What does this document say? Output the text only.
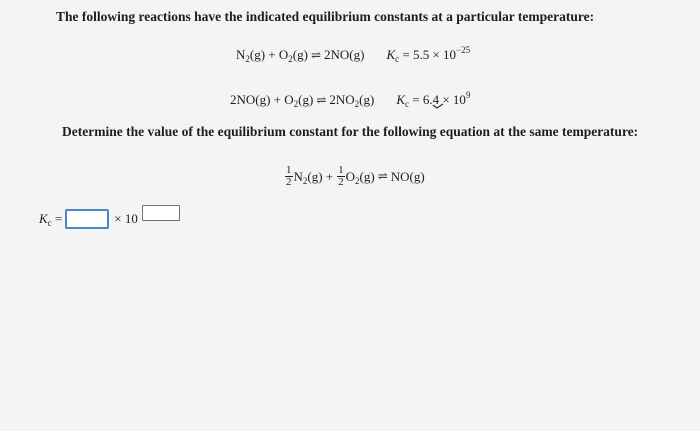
The following reactions have the indicated equilibrium constants at a particular temperature:
$N_2(g) + O_2(g)$ ⇌ 2NO(g) $K_c = 5.5 \times 10^{-25}$
$2NO(g) + O_2(g)$ ⇌ $2NO_2(g) K_c = 6.4 \times 10^9$
Determine the value of the equilibrium constant for the following equation at the same temperature:
$\frac{1}{2} N_2(g) + \frac{1}{2} O_2(g)$ ⇌ NO(g)
$K_c$ =	× 10
